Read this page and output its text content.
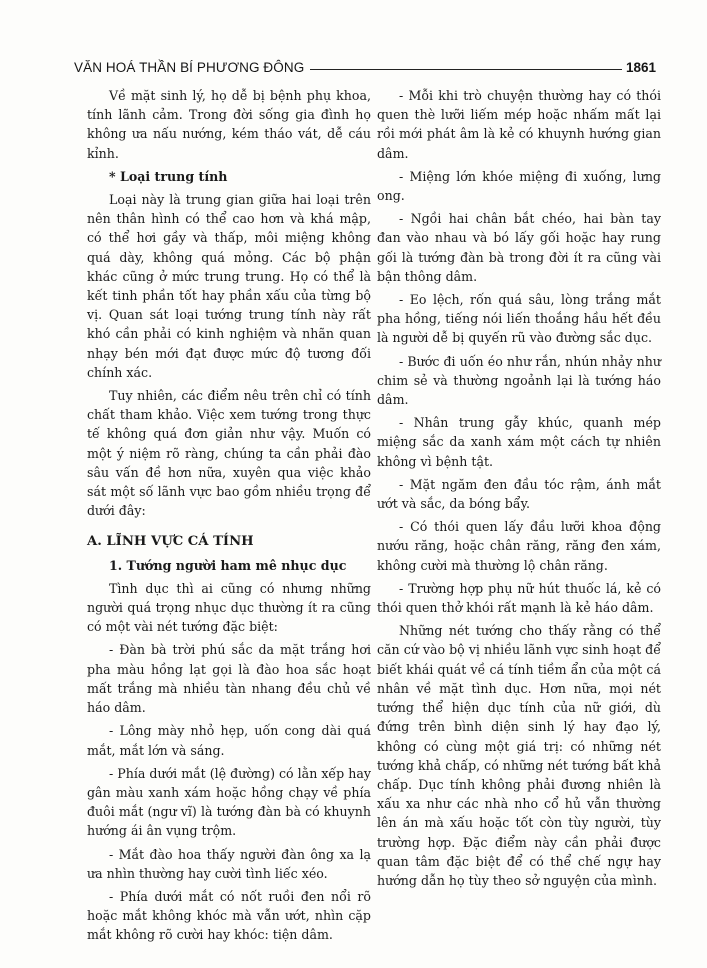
VĂN HOÁ THẦN BÍ PHƯƠNG ĐÔNG	1861

Về mặt sinh lý, họ dễ bị bệnh phụ khoa, tính lãnh cảm. Trong đời sống gia đình họ không ưa nấu nướng, kém tháo vát, dễ cáu kỉnh.

* Loại trung tính

Loại này là trung gian giữa hai loại trên nên thân hình có thể cao hơn và khá mập, có thể hơi gầy và thấp, môi miệng không quá dày, không quá mỏng. Các bộ phận khác cũng ở mức trung trung. Họ có thể là kết tinh phần tốt hay phần xấu của từng bộ vị. Quan sát loại tướng trung tính này rất khó cần phải có kinh nghiệm và nhãn quan nhạy bén mới đạt được mức độ tương đối chính xác.

Tuy nhiên, các điểm nêu trên chỉ có tính chất tham khảo. Việc xem tướng trong thực tế không quá đơn giản như vậy. Muốn có một ý niệm rõ ràng, chúng ta cần phải đào sâu vấn đề hơn nữa, xuyên qua việc khảo sát một số lãnh vực bao gồm nhiều trọng để dưới đây:

A. LĨNH VỰC CÁ TÍNH

1. Tướng người ham mê nhục dục

Tình dục thì ai cũng có nhưng những người quá trọng nhục dục thường ít ra cũng có một vài nét tướng đặc biệt:

- Đàn bà trời phú sắc da mặt trắng hơi pha màu hồng lạt gọi là đào hoa sắc hoạt mất trắng mà nhiều tàn nhang đều chủ về háo dâm.

- Lông mày nhỏ hẹp, uốn cong dài quá mắt, mắt lớn và sáng.

- Phía dưới mắt (lệ đường) có lằn xếp hay gân màu xanh xám hoặc hồng chạy về phía đuôi mắt (ngư vĩ) là tướng đàn bà có khuynh hướng ái ân vụng trộm.

- Mắt đào hoa thấy người đàn ông xa lạ ưa nhìn thường hay cười tình liếc xéo.

- Phía dưới mắt có nốt ruồi đen nổi rõ hoặc mắt không khóc mà vẫn ướt, nhìn cặp mắt không rõ cười hay khóc: tiện dâm.

- Mỗi khi trò chuyện thường hay có thói quen thè lưỡi liếm mép hoặc nhấm mất lại rồi mới phát âm là kẻ có khuynh hướng gian dâm.

- Miệng lớn khóe miệng đi xuống, lưng ong.

- Ngồi hai chân bắt chéo, hai bàn tay đan vào nhau và bó lấy gối hoặc hay rung gối là tướng đàn bà trong đời ít ra cũng vài bận thông dâm.

- Eo lệch, rốn quá sâu, lòng trắng mắt pha hồng, tiếng nói liến thoắng hầu hết đều là người dễ bị quyến rũ vào đường sắc dục.

- Bước đi uốn éo như rắn, nhún nhảy như chim sẻ và thường ngoảnh lại là tướng háo dâm.

- Nhân trung gẫy khúc, quanh mép miệng sắc da xanh xám một cách tự nhiên không vì bệnh tật.

- Mặt ngăm đen đầu tóc rậm, ánh mắt ướt và sắc, da bóng bẩy.

- Có thói quen lấy đầu lưỡi khoa động nướu răng, hoặc chân răng, răng đen xám, không cười mà thường lộ chân răng.

- Trường hợp phụ nữ hút thuốc lá, kẻ có thói quen thở khói rất mạnh là kẻ háo dâm.

Những nét tướng cho thấy rằng có thể căn cứ vào bộ vị nhiều lãnh vực sinh hoạt để biết khái quát về cá tính tiềm ẩn của một cá nhân về mặt tình dục. Hơn nữa, mọi nét tướng thể hiện dục tính của nữ giới, dù đứng trên bình diện sinh lý hay đạo lý, không có cùng một giá trị: có những nét tướng khả chấp, có những nét tướng bất khả chấp. Dục tính không phải đương nhiên là xấu xa như các nhà nho cổ hủ vẫn thường lên án mà xấu hoặc tốt còn tùy người, tùy trường hợp. Đặc điểm này cần phải được quan tâm đặc biệt để có thể chế ngự hay hướng dẫn họ tùy theo sở nguyện của mình.
